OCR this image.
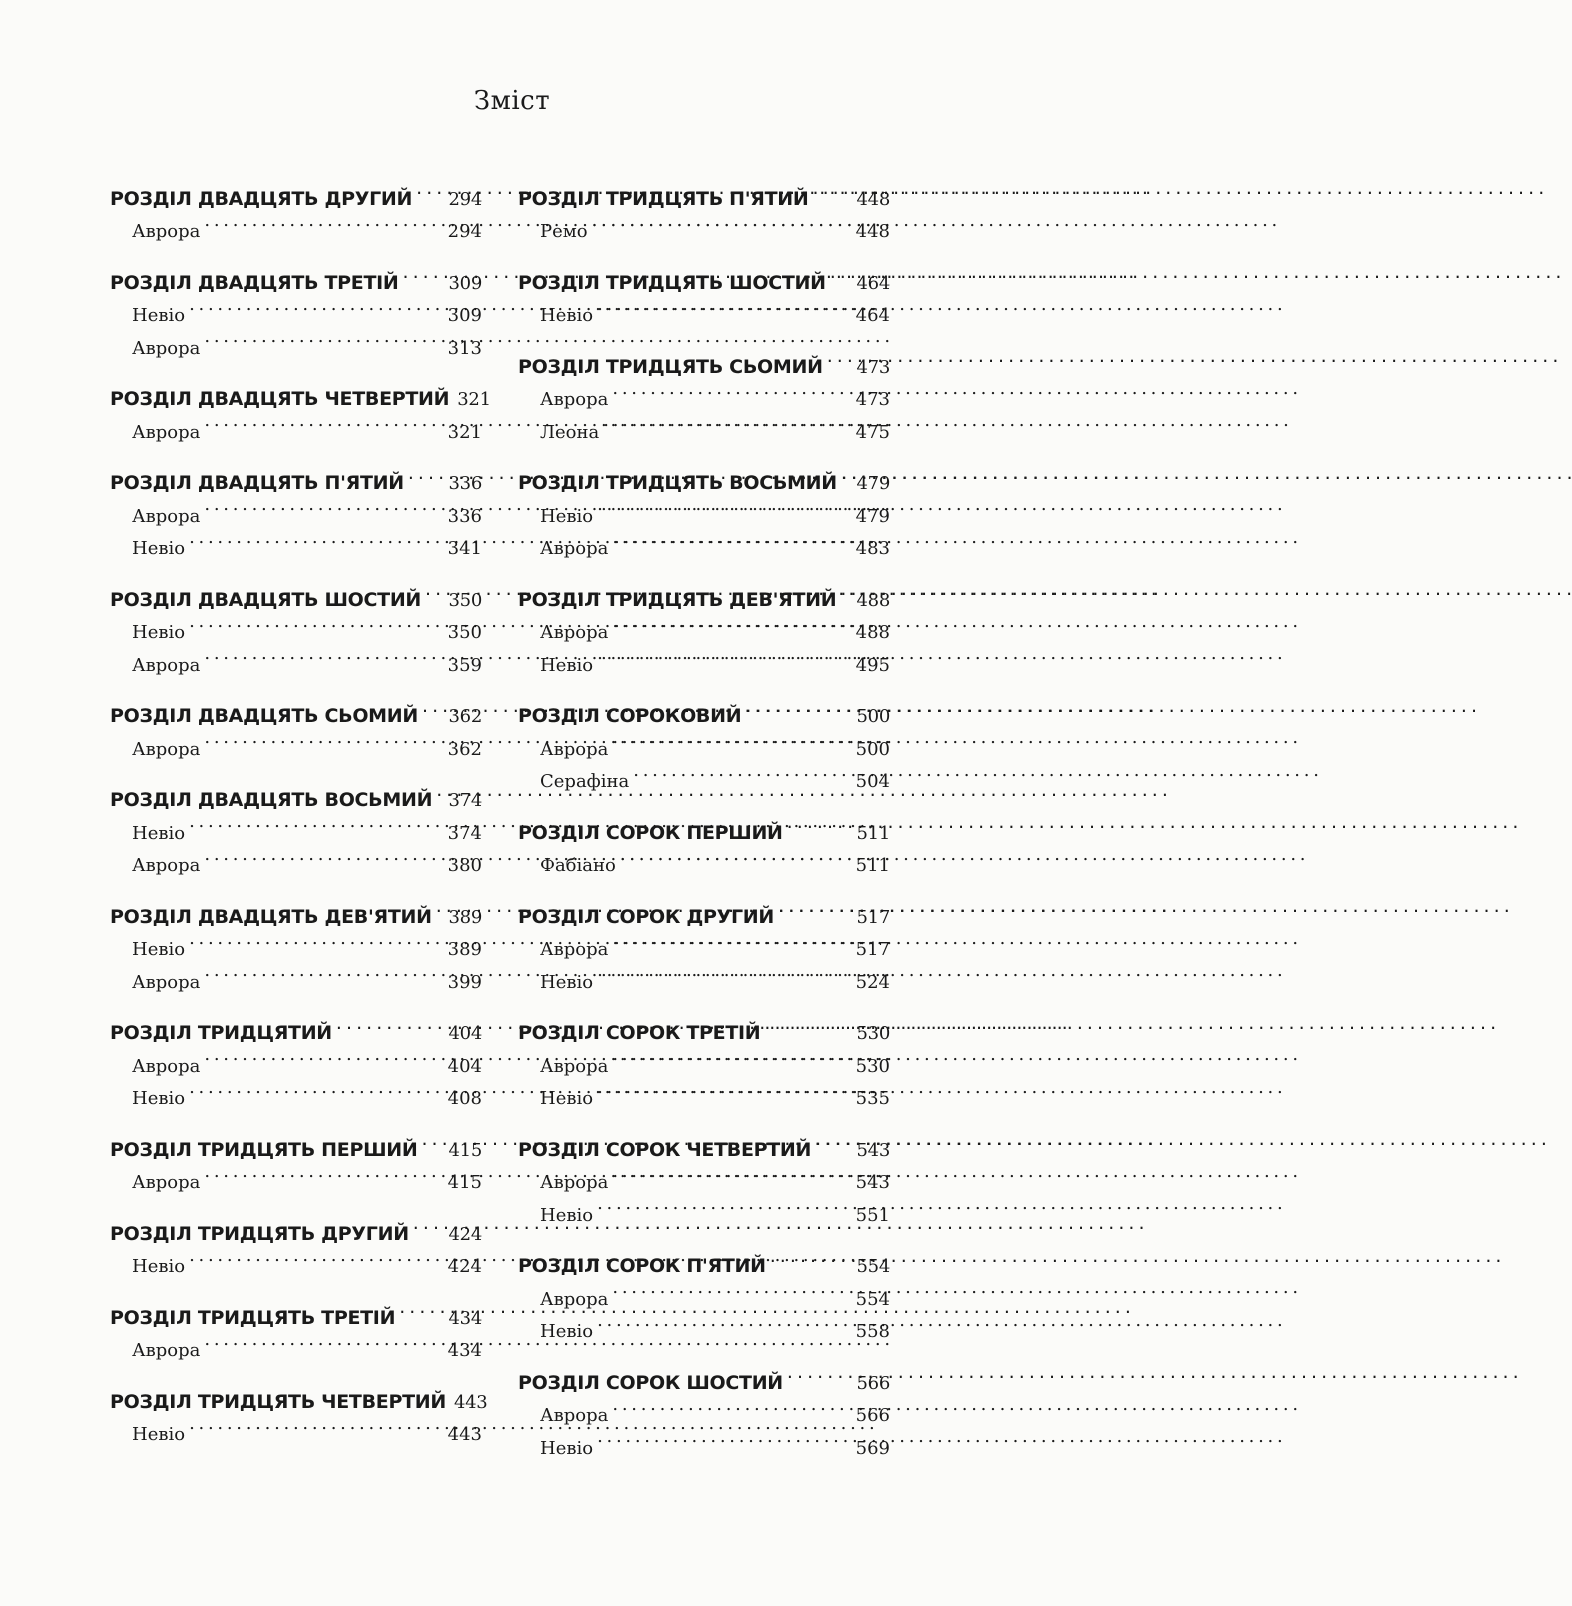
Зміст
РОЗДІЛ ДВАДЦЯТЬ ДРУГИЙ . . . 294
Аврора . . .	294
РОЗДІЛ ДВАДЦЯТЬ ТРЕТІЙ . . .	309
Невіо . . .	309
Аврора . . .	313
РОЗДІЛ ДВАДЦЯТЬ ЧЕТВЕРТИЙ 321
Аврора . . .	321
РОЗДІЛ ДВАДЦЯТЬ П'ЯТИЙ . . . 336
Аврора . . .	336
Невіо . . .	341
РОЗДІЛ ДВАДЦЯТЬ ШОСТИЙ . . . 350
Невіо . . .	350
Аврора . . .	359
РОЗДІЛ ДВАДЦЯТЬ СЬОМИЙ . . . 362
Аврора . . .	362
РОЗДІЛ ДВАДЦЯТЬ ВОСЬМИЙ . . . 374
Невіо . . .	374
Аврора . . .	380
РОЗДІЛ ДВАДЦЯТЬ ДЕВ'ЯТИЙ . . . 389
Невіо . . .	389
Аврора . . .	399
РОЗДІЛ ТРИДЦЯТИЙ . . .	404
Аврора . . .	404
Невіо . . .	408
РОЗДІЛ ТРИДЦЯТЬ ПЕРШИЙ . . . 415
Аврора . . .	415
РОЗДІЛ ТРИДЦЯТЬ ДРУГИЙ . . . 424
Невіо . . .	424
РОЗДІЛ ТРИДЦЯТЬ ТРЕТІЙ . . .	434
Аврора . . .	434
РОЗДІЛ ТРИДЦЯТЬ ЧЕТВЕРТИЙ 443
Невіо . . .	443
РОЗДІЛ ТРИДЦЯТЬ П'ЯТИЙ . . .	448
Ремо . . .	448
РОЗДІЛ ТРИДЦЯТЬ ШОСТИЙ . . . 464
Невіо . . .	464
РОЗДІЛ ТРИДЦЯТЬ СЬОМИЙ . . . 473
Аврора . . .	473
Леона . . .	475
РОЗДІЛ ТРИДЦЯТЬ ВОСЬМИЙ . . . 479
Невіо . . .	479
Аврора . . .	483
РОЗДІЛ ТРИДЦЯТЬ ДЕВ'ЯТИЙ . . . 488
Аврора . . .	488
Невіо . . .	495
РОЗДІЛ СОРОКОВИЙ . . .	500
Аврора . . .	500
Серафіна . . .	504
РОЗДІЛ СОРОК ПЕРШИЙ . . .	511
Фабіано . . .	511
РОЗДІЛ СОРОК ДРУГИЙ . . .	517
Аврора . . .	517
Невіо . . .	524
РОЗДІЛ СОРОК ТРЕТІЙ . . .	530
Аврора . . .	530
Невіо . . .	535
РОЗДІЛ СОРОК ЧЕТВЕРТИЙ . . .	543
Аврора . . .	543
Невіо . . .	551
РОЗДІЛ СОРОК П'ЯТИЙ . . .	554
Аврора . . .	554
Невіо . . .	558
РОЗДІЛ СОРОК ШОСТИЙ . . .	566
Аврора . . .	566
Невіо . . .	569
